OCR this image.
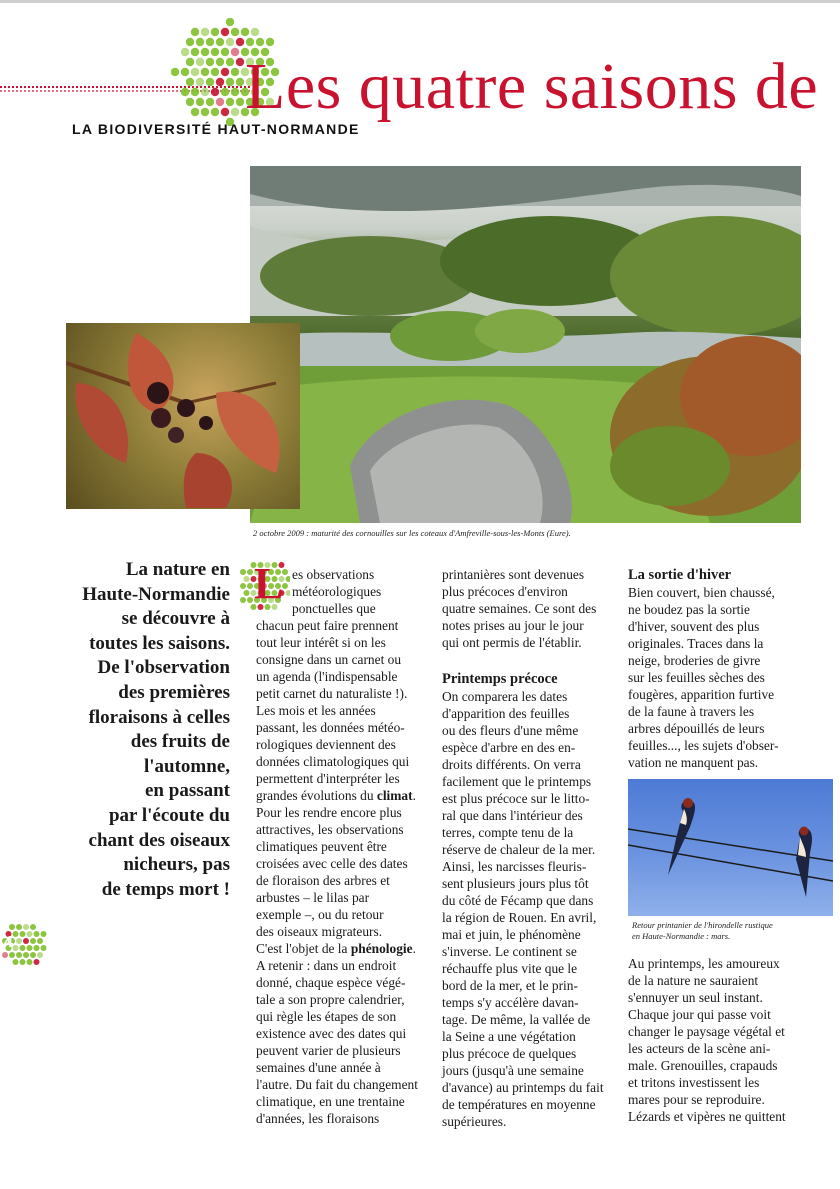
Les quatre saisons de
LA BIODIVERSITÉ HAUT-NORMANDE
2 octobre 2009 : maturité des cornouilles sur les coteaux d'Amfreville-sous-les-Monts (Eure).
La nature en
Haute-Normandie
se découvre à
toutes les saisons.
De l'observation
des premières
floraisons à celles
des fruits de
l'automne,
en passant
par l'écoute du
chant des oiseaux
nicheurs, pas
de temps mort !
4
L es observations
météorologiques
ponctuelles que
chacun peut faire prennent
tout leur intérêt si on les
consigne dans un carnet ou
un agenda (l'indispensable
petit carnet du naturaliste !).
Les mois et les années
passant, les données météo-
rologiques deviennent des
données climatologiques qui
permettent d'interpréter les

grandes évolutions du climat.

Pour les rendre encore plus
attractives, les observations
climatiques peuvent être
croisées avec celle des dates
de floraison des arbres et
arbustes – le lilas par
exemple –, ou du retour
des oiseaux migrateurs.

C'est l'objet de la phénologie.

A retenir : dans un endroit
donné, chaque espèce végé-
tale a son propre calendrier,
qui règle les étapes de son
existence avec des dates qui
peuvent varier de plusieurs
semaines d'une année à
l'autre. Du fait du changement
climatique, en une trentaine
d'années, les floraisons
printanières sont devenues
plus précoces d'environ
quatre semaines. Ce sont des
notes prises au jour le jour
qui ont permis de l'établir.
Printemps précoce
On comparera les dates
d'apparition des feuilles
ou des fleurs d'une même
espèce d'arbre en des en-
droits différents. On verra
facilement que le printemps
est plus précoce sur le litto-
ral que dans l'intérieur des
terres, compte tenu de la
réserve de chaleur de la mer.
Ainsi, les narcisses fleuris-
sent plusieurs jours plus tôt
du côté de Fécamp que dans
la région de Rouen. En avril,
mai et juin, le phénomène
s'inverse. Le continent se
réchauffe plus vite que le
bord de la mer, et le prin-
temps s'y accélère davan-
tage. De même, la vallée de
la Seine a une végétation
plus précoce de quelques
jours (jusqu'à une semaine
d'avance) au printemps du fait
de températures en moyenne
supérieures.
La sortie d'hiver
Bien couvert, bien chaussé,
ne boudez pas la sortie
d'hiver, souvent des plus
originales. Traces dans la
neige, broderies de givre
sur les feuilles sèches des
fougères, apparition furtive
de la faune à travers les
arbres dépouillés de leurs
feuilles..., les sujets d'obser-
vation ne manquent pas.
Retour printanier de l'hirondelle rustique
en Haute-Normandie : mars.
Au printemps, les amoureux
de la nature ne sauraient
s'ennuyer un seul instant.
Chaque jour qui passe voit
changer le paysage végétal et
les acteurs de la scène ani-
male. Grenouilles, crapauds
et tritons investissent les
mares pour se reproduire.
Lézards et vipères ne quittent
